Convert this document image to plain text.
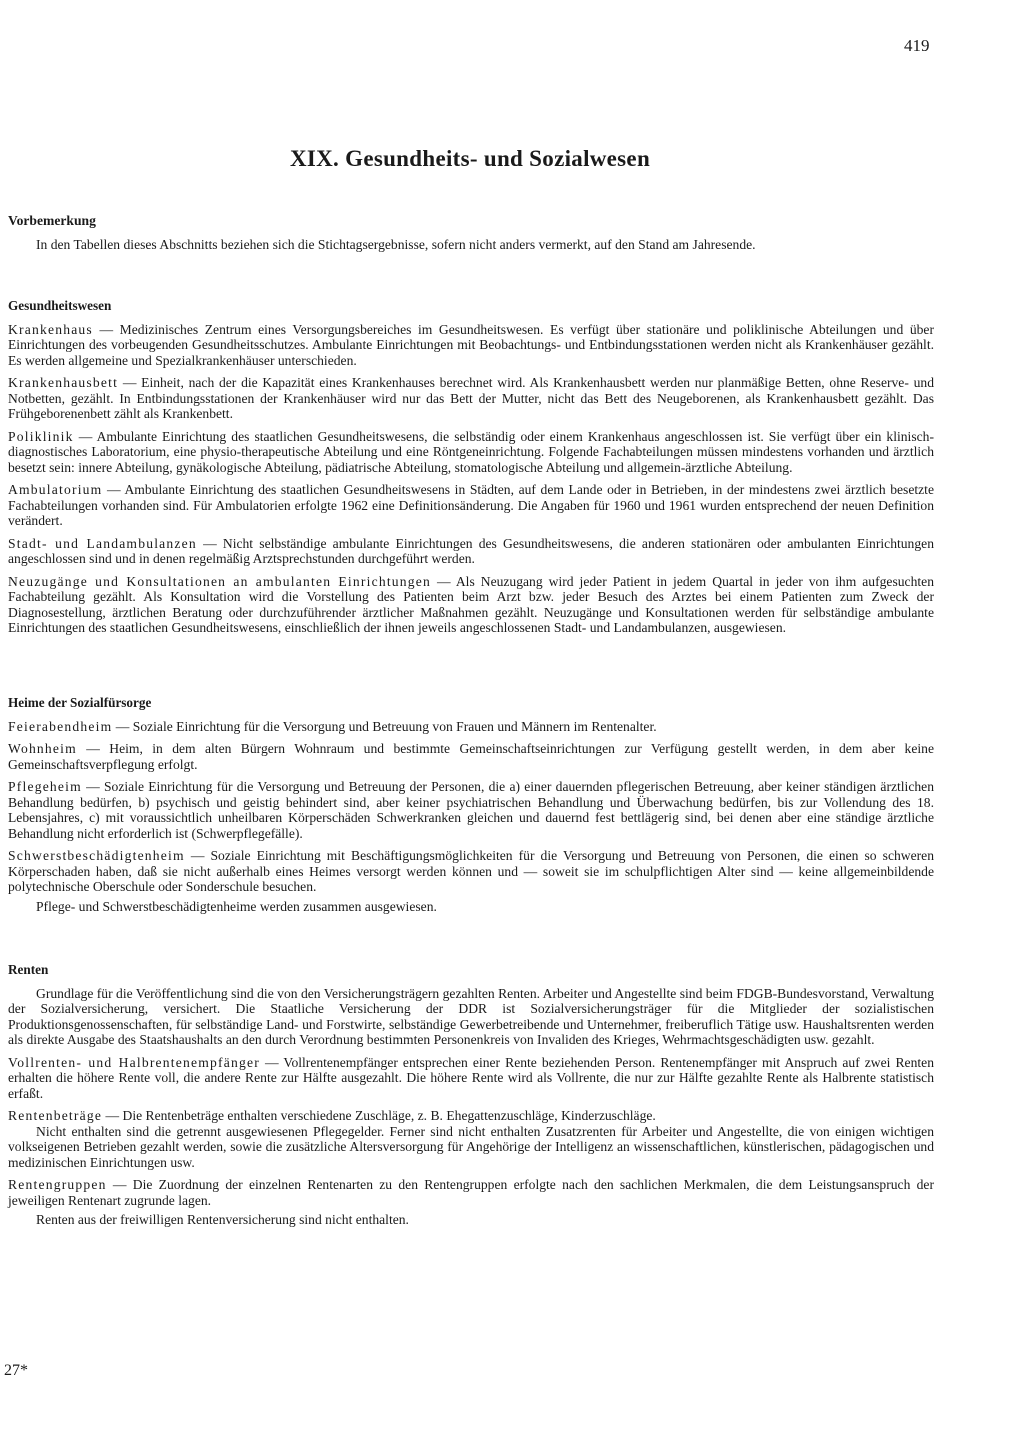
419
XIX. Gesundheits- und Sozialwesen

Vorbemerkung

In den Tabellen dieses Abschnitts beziehen sich die Stichtagsergebnisse, sofern nicht anders vermerkt, auf den Stand am Jahresende.

Gesundheitswesen

Krankenhaus — Medizinisches Zentrum eines Versorgungsbereiches im Gesundheitswesen. Es verfügt über stationäre und poliklinische Abteilungen und über Einrichtungen des vorbeugenden Gesundheitsschutzes. Ambulante Einrichtungen mit Beobachtungs- und Entbindungsstationen werden nicht als Krankenhäuser gezählt. Es werden allgemeine und Spezialkrankenhäuser unterschieden.

Krankenhausbett — Einheit, nach der die Kapazität eines Krankenhauses berechnet wird. Als Krankenhausbett werden nur planmäßige Betten, ohne Reserve- und Notbetten, gezählt. In Entbindungsstationen der Krankenhäuser wird nur das Bett der Mutter, nicht das Bett des Neugeborenen, als Krankenhausbett gezählt. Das Frühgeborenenbett zählt als Krankenbett.

Poliklinik — Ambulante Einrichtung des staatlichen Gesundheitswesens, die selbständig oder einem Krankenhaus angeschlossen ist. Sie verfügt über ein klinisch-diagnostisches Laboratorium, eine physio-therapeutische Abteilung und eine Röntgeneinrichtung. Folgende Fachabteilungen müssen mindestens vorhanden und ärztlich besetzt sein: innere Abteilung, gynäkologische Abteilung, pädiatrische Abteilung, stomatologische Abteilung und allgemein-ärztliche Abteilung.

Ambulatorium — Ambulante Einrichtung des staatlichen Gesundheitswesens in Städten, auf dem Lande oder in Betrieben, in der mindestens zwei ärztlich besetzte Fachabteilungen vorhanden sind. Für Ambulatorien erfolgte 1962 eine Definitionsänderung. Die Angaben für 1960 und 1961 wurden entsprechend der neuen Definition verändert.

Stadt- und Landambulanzen — Nicht selbständige ambulante Einrichtungen des Gesundheitswesens, die anderen stationären oder ambulanten Einrichtungen angeschlossen sind und in denen regelmäßig Arztsprechstunden durchgeführt werden.

Neuzugänge und Konsultationen an ambulanten Einrichtungen — Als Neuzugang wird jeder Patient in jedem Quartal in jeder von ihm aufgesuchten Fachabteilung gezählt. Als Konsultation wird die Vorstellung des Patienten beim Arzt bzw. jeder Besuch des Arztes bei einem Patienten zum Zweck der Diagnosestellung, ärztlichen Beratung oder durchzuführender ärztlicher Maßnahmen gezählt. Neuzugänge und Konsultationen werden für selbständige ambulante Einrichtungen des staatlichen Gesundheitswesens, einschließlich der ihnen jeweils angeschlossenen Stadt- und Landambulanzen, ausgewiesen.

Heime der Sozialfürsorge

Feierabendheim — Soziale Einrichtung für die Versorgung und Betreuung von Frauen und Männern im Rentenalter.

Wohnheim — Heim, in dem alten Bürgern Wohnraum und bestimmte Gemeinschaftseinrichtungen zur Verfügung gestellt werden, in dem aber keine Gemeinschaftsverpflegung erfolgt.

Pflegeheim — Soziale Einrichtung für die Versorgung und Betreuung der Personen, die a) einer dauernden pflegerischen Betreuung, aber keiner ständigen ärztlichen Behandlung bedürfen, b) psychisch und geistig behindert sind, aber keiner psychiatrischen Behandlung und Überwachung bedürfen, bis zur Vollendung des 18. Lebensjahres, c) mit voraussichtlich unheilbaren Körperschäden Schwerkranken gleichen und dauernd fest bettlägerig sind, bei denen aber eine ständige ärztliche Behandlung nicht erforderlich ist (Schwerpflegefälle).

Schwerstbeschädigtenheim — Soziale Einrichtung mit Beschäftigungsmöglichkeiten für die Versorgung und Betreuung von Personen, die einen so schweren Körperschaden haben, daß sie nicht außerhalb eines Heimes versorgt werden können und — soweit sie im schulpflichtigen Alter sind — keine allgemeinbildende polytechnische Oberschule oder Sonderschule besuchen.

Pflege- und Schwerstbeschädigtenheime werden zusammen ausgewiesen.

Renten

Grundlage für die Veröffentlichung sind die von den Versicherungsträgern gezahlten Renten. Arbeiter und Angestellte sind beim FDGB-Bundesvorstand, Verwaltung der Sozialversicherung, versichert. Die Staatliche Versicherung der DDR ist Sozialversicherungsträger für die Mitglieder der sozialistischen Produktionsgenossenschaften, für selbständige Land- und Forstwirte, selbständige Gewerbetreibende und Unternehmer, freiberuflich Tätige usw. Haushaltsrenten werden als direkte Ausgabe des Staatshaushalts an den durch Verordnung bestimmten Personenkreis von Invaliden des Krieges, Wehrmachtsgeschädigten usw. gezahlt.

Vollrenten- und Halbrentenempfänger — Vollrentenempfänger entsprechen einer Rente beziehenden Person. Rentenempfänger mit Anspruch auf zwei Renten erhalten die höhere Rente voll, die andere Rente zur Hälfte ausgezahlt. Die höhere Rente wird als Vollrente, die nur zur Hälfte gezahlte Rente als Halbrente statistisch erfaßt.

Rentenbeträge — Die Rentenbeträge enthalten verschiedene Zuschläge, z. B. Ehegattenzuschläge, Kinderzuschläge.

Nicht enthalten sind die getrennt ausgewiesenen Pflegegelder. Ferner sind nicht enthalten Zusatzrenten für Arbeiter und Angestellte, die von einigen wichtigen volkseigenen Betrieben gezahlt werden, sowie die zusätzliche Altersversorgung für Angehörige der Intelligenz an wissenschaftlichen, künstlerischen, pädagogischen und medizinischen Einrichtungen usw.

Rentengruppen — Die Zuordnung der einzelnen Rentenarten zu den Rentengruppen erfolgte nach den sachlichen Merkmalen, die dem Leistungsanspruch der jeweiligen Rentenart zugrunde lagen.

Renten aus der freiwilligen Rentenversicherung sind nicht enthalten.

27*
